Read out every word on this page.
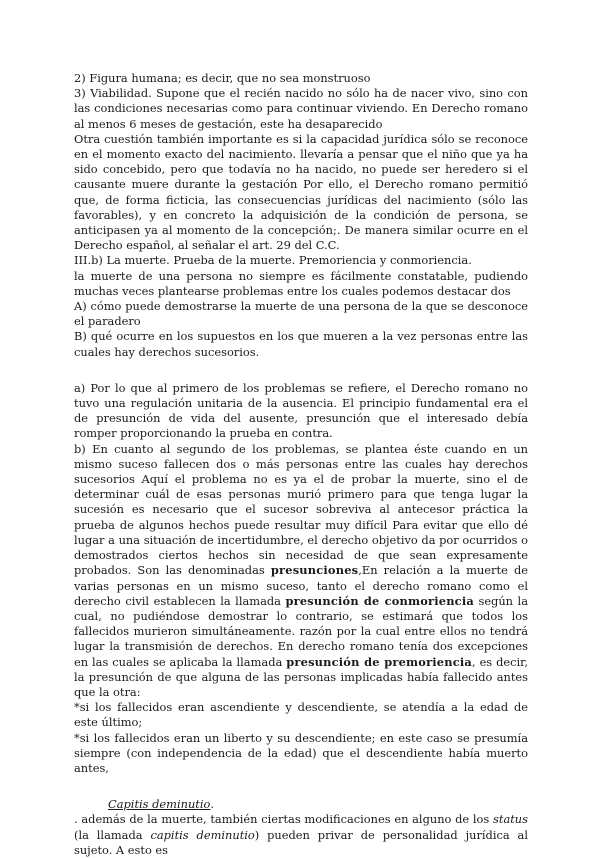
2) Figura humana; es decir, que no sea monstruoso

3) Viabilidad. Supone que el recién nacido no sólo ha de nacer vivo, sino con las condiciones necesarias como para continuar viviendo. En Derecho romano al menos 6 meses de gestación, este ha desaparecido

Otra cuestión también importante es si la capacidad jurídica sólo se reconoce en el momento exacto del nacimiento. llevaría a pensar que el niño que ya ha sido concebido, pero que todavía no ha nacido, no puede ser heredero si el causante muere durante la gestación Por ello, el Derecho romano permitió que, de forma ficticia, las consecuencias jurídicas del nacimiento (sólo las favorables), y en concreto la adquisición de la condición de persona, se anticipasen ya al momento de la concepción;. De manera similar ocurre en el Derecho español, al señalar el art. 29 del C.C.

III.b) La muerte. Prueba de la muerte. Premoriencia y conmoriencia.

la muerte de una persona no siempre es fácilmente constatable, pudiendo muchas veces plantearse problemas entre los cuales podemos destacar dos

A) cómo puede demostrarse la muerte de una persona de la que se desconoce el paradero

B) qué ocurre en los supuestos en los que mueren a la vez personas entre las cuales hay derechos sucesorios.

a) Por lo que al primero de los problemas se refiere, el Derecho romano no tuvo una regulación unitaria de la ausencia. El principio fundamental era el de presunción de vida del ausente, presunción que el interesado debía romper proporcionando la prueba en contra.

b) En cuanto al segundo de los problemas, se plantea éste cuando en un mismo suceso fallecen dos o más personas entre las cuales hay derechos sucesorios Aquí el problema no es ya el de probar la muerte, sino el de determinar cuál de esas personas murió primero para que tenga lugar la sucesión es necesario que el sucesor sobreviva al antecesor práctica la prueba de algunos hechos puede resultar muy difícil Para evitar que ello dé lugar a una situación de incertidumbre, el derecho objetivo da por ocurridos o demostrados ciertos hechos sin necesidad de que sean expresamente probados. Son las denominadas presunciones,En relación a la muerte de varias personas en un mismo suceso, tanto el derecho romano como el derecho civil establecen la llamada presunción de conmoriencia según la cual, no pudiéndose demostrar lo contrario, se estimará que todos los fallecidos murieron simultáneamente. razón por la cual entre ellos no tendrá lugar la transmisión de derechos. En derecho romano tenía dos excepciones en las cuales se aplicaba la llamada presunción de premoriencia, es decir, la presunción de que alguna de las personas implicadas había fallecido antes que la otra:

*si los fallecidos eran ascendiente y descendiente, se atendía a la edad de este último;

*si los fallecidos eran un liberto y su descendiente; en este caso se presumía siempre (con independencia de la edad) que el descendiente había muerto antes,

Capitis deminutio.

. además de la muerte, también ciertas modificaciones en alguno de los status (la llamada capitis deminutio) pueden privar de personalidad jurídica al sujeto. A esto es
